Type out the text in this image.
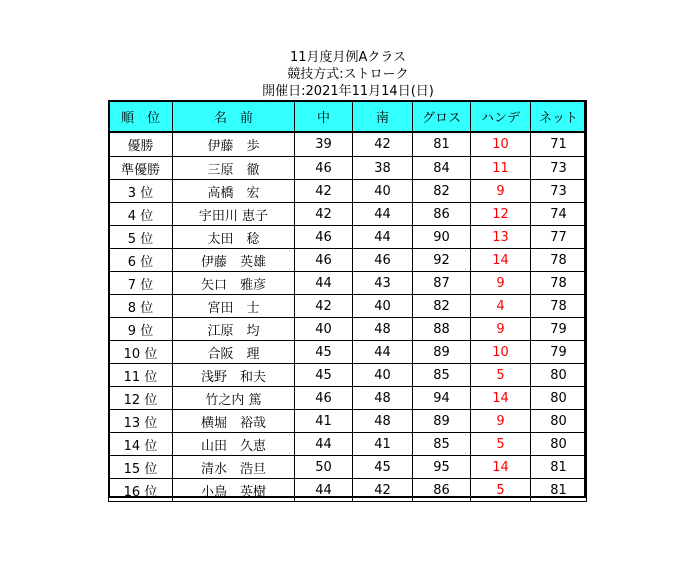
11月度月例Aクラス
競技方式:ストローク
開催日:2021年11月14日(日)
順　位	名　前	中	南	グロス	ハンデ	ネット
優勝	伊藤　歩	39	42	81	10	71
準優勝	三原　徹	46	38	84	11	73
3 位	高橋　宏	42	40	82	9	73
4 位	宇田川 恵子	42	44	86	12	74
5 位	太田　稔	46	44	90	13	77
6 位	伊藤　英雄	46	46	92	14	78
7 位	矢口　雅彦	44	43	87	9	78
8 位	宮田　士	42	40	82	4	78
9 位	江原　均	40	48	88	9	79
10 位	合阪　理	45	44	89	10	79
11 位	浅野　和夫	45	40	85	5	80
12 位	竹之内 篤	46	48	94	14	80
13 位	横堀　裕哉	41	48	89	9	80
14 位	山田　久恵	44	41	85	5	80
15 位	清水　浩旦	50	45	95	14	81
16 位	小鳥　英樹	44	42	86	5	81
